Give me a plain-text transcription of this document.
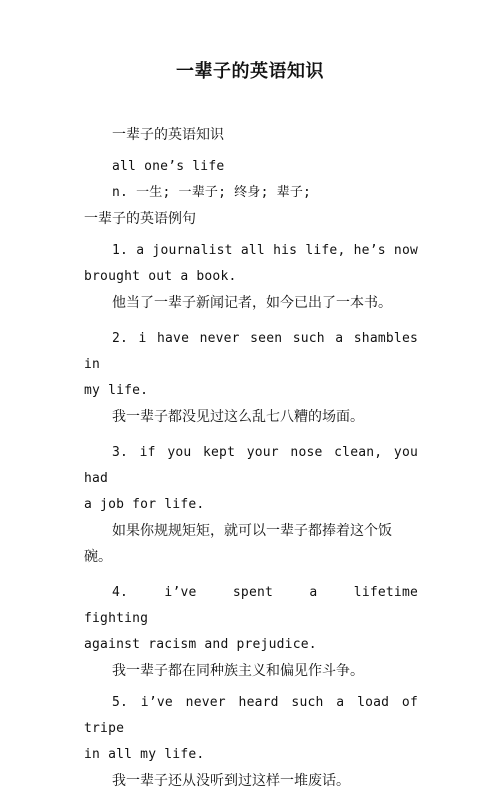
一辈子的英语知识

一辈子的英语知识

all one’s life

n. 一生; 一辈子; 终身; 辈子;

一辈子的英语例句

1. a journalist all his life, he’s now

brought out a book.

他当了一辈子新闻记者，如今已出了一本书。

2. i have never seen such a shambles in

my life.

我一辈子都没见过这么乱七八糟的场面。

3. if you kept your nose clean, you had

a job for life.

如果你规规矩矩，就可以一辈子都捧着这个饭

碗。

4. i’ve spent a lifetime fighting

against racism and prejudice.

我一辈子都在同种族主义和偏见作斗争。

5. i’ve never heard such a load of tripe

in all my life.

我一辈子还从没听到过这样一堆废话。
